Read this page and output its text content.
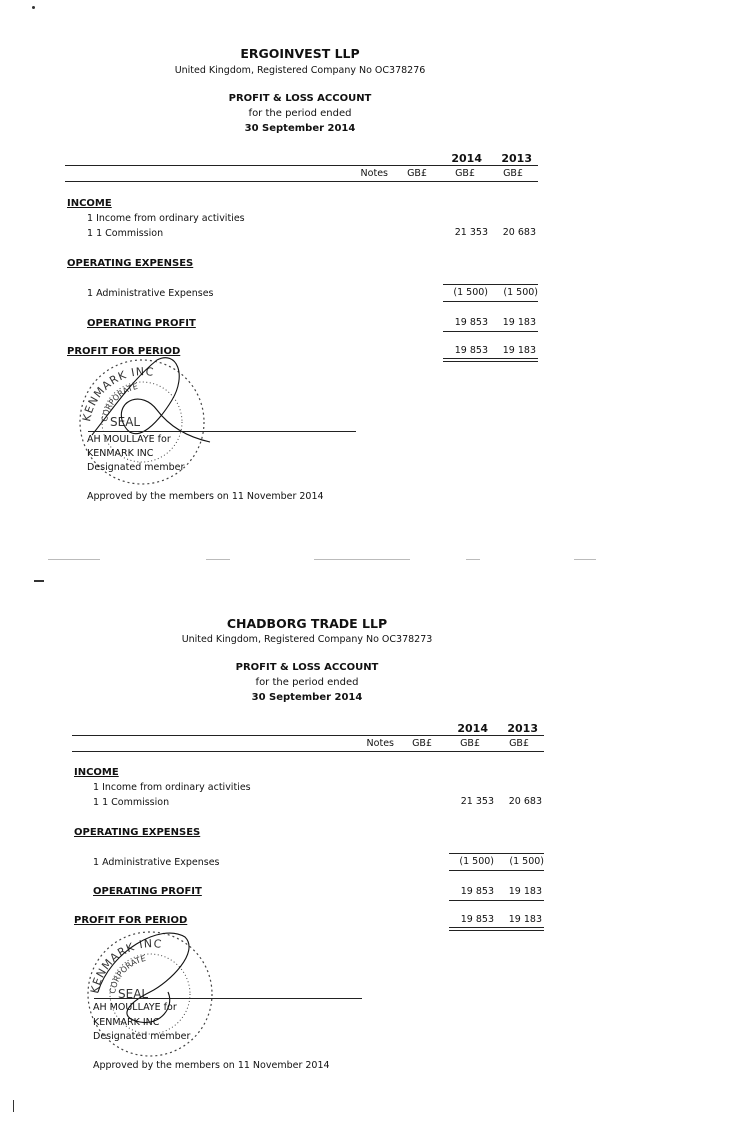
ERGOINVEST LLP
United Kingdom, Registered Company No OC378276
PROFIT & LOSS ACCOUNT
for the period ended
30 September 2014
2014	2013
Notes	GB£	GB£	GB£
INCOME
1 Income from ordinary activities
1 1 Commission	21 353	20 683
OPERATING EXPENSES
1 Administrative Expenses	(1 500)	(1 500)
OPERATING PROFIT	19 853	19 183
PROFIT FOR PERIOD	19 853	19 183
KENMARK INC
CORPORATE
SEAL
AH MOULLAYE for
KENMARK INC
Designated member
Approved by the members on 11 November 2014
CHADBORG TRADE LLP
United Kingdom, Registered Company No OC378273
PROFIT & LOSS ACCOUNT
for the period ended
30 September 2014
2014	2013
Notes	GB£	GB£	GB£
INCOME
1 Income from ordinary activities
1 1 Commission	21 353	20 683
OPERATING EXPENSES
1 Administrative Expenses	(1 500)	(1 500)
OPERATING PROFIT	19 853	19 183
PROFIT FOR PERIOD	19 853	19 183
KENMARK INC
CORPORATE
SEAL
AH MOULLAYE for
KENMARK INC
Designated member
Approved by the members on 11 November 2014
